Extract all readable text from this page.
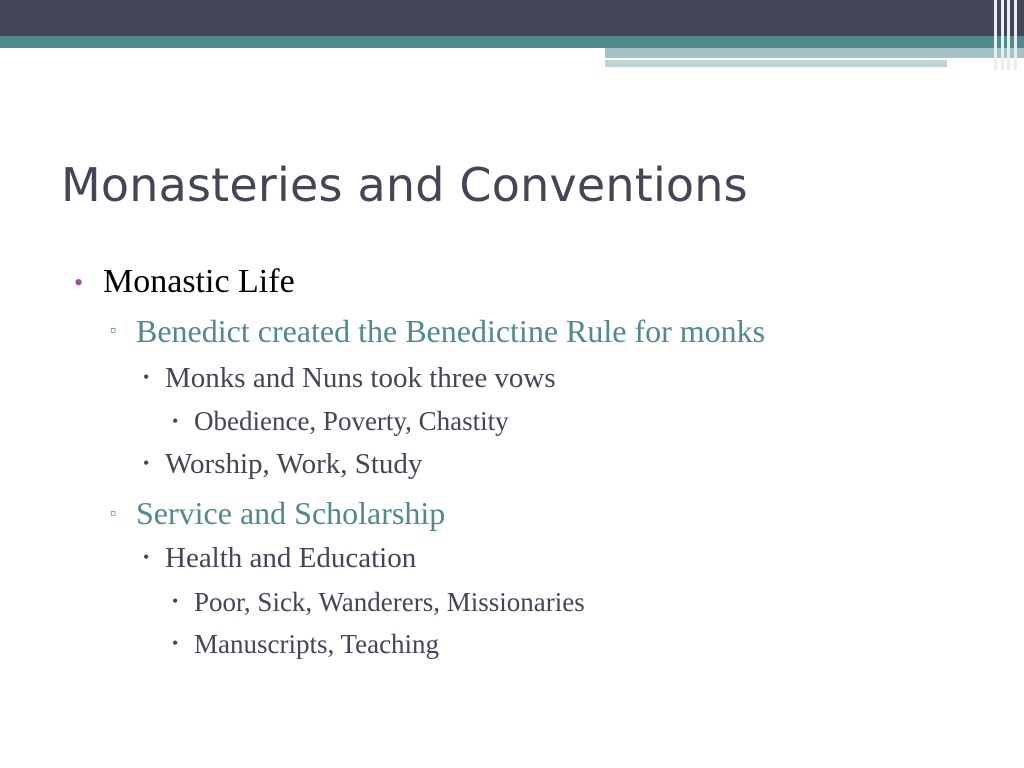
Monasteries and Conventions
• Monastic Life
▫ Benedict created the Benedictine Rule for monks
• Monks and Nuns took three vows
• Obedience, Poverty, Chastity
• Worship, Work, Study
▫ Service and Scholarship
• Health and Education
• Poor, Sick, Wanderers, Missionaries
• Manuscripts, Teaching
